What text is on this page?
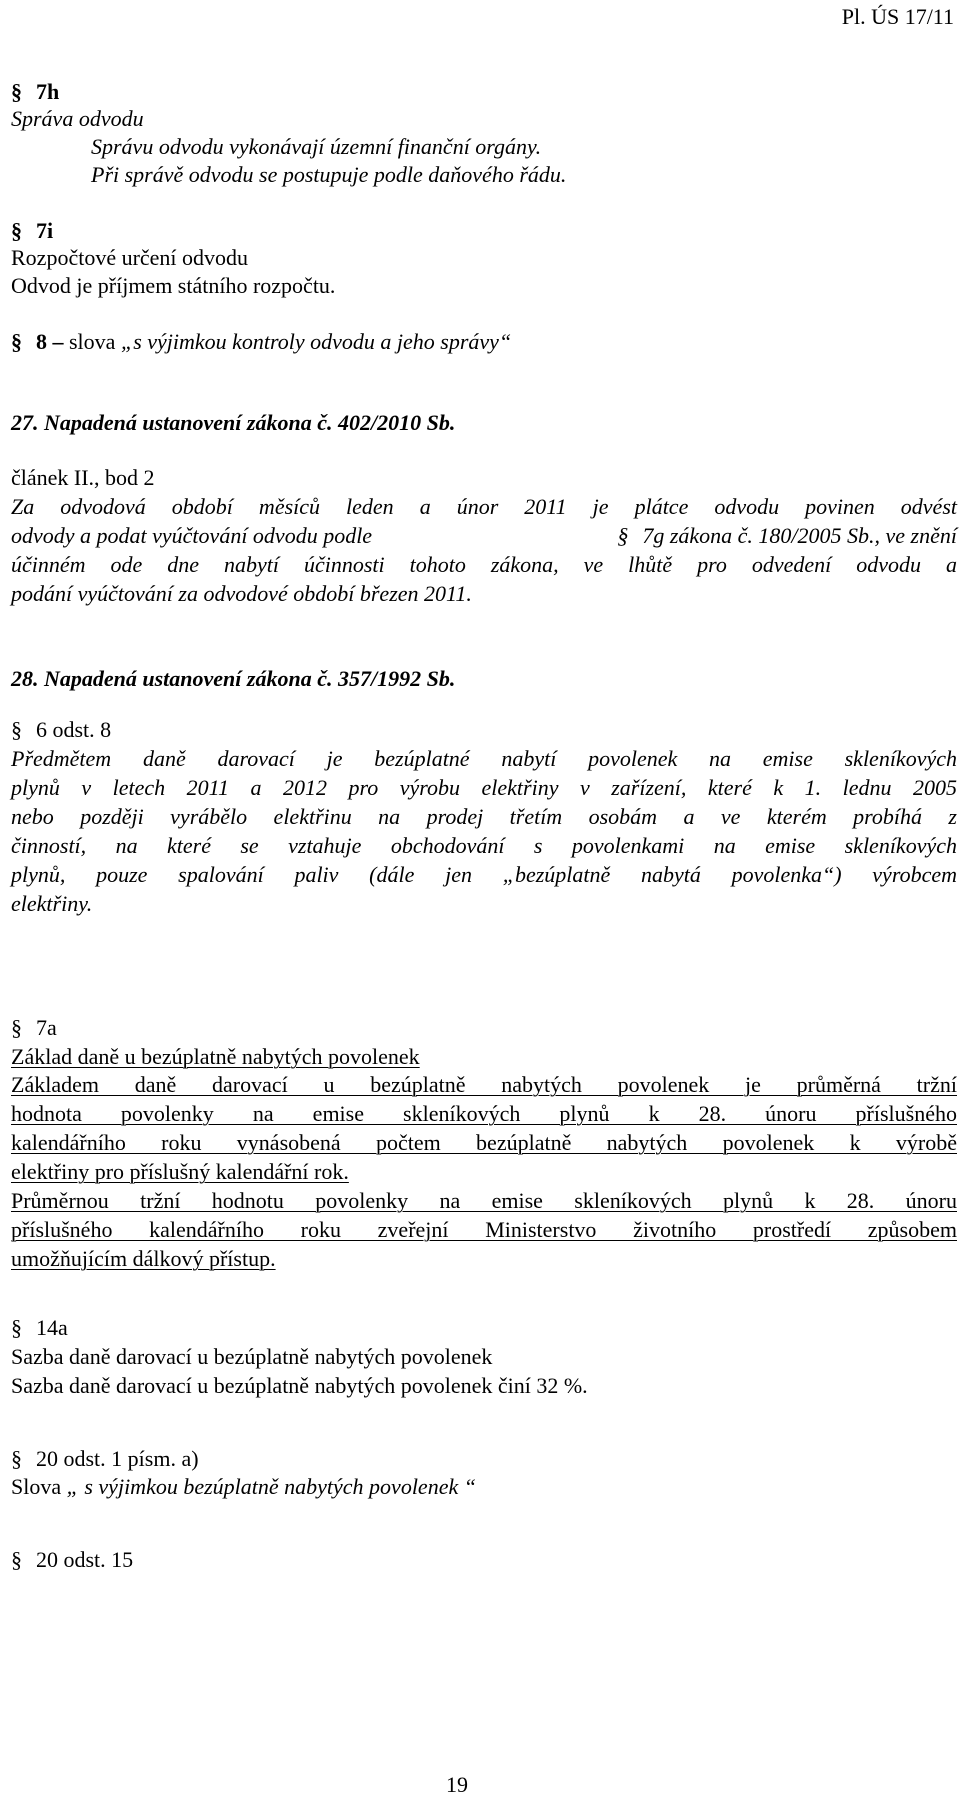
Pl. ÚS 17/11
§ 7h
Správa odvodu
Správu odvodu vykonávají územní finanční orgány.
Při správě odvodu se postupuje podle daňového řádu.
§ 7i
Rozpočtové určení odvodu
Odvod je příjmem státního rozpočtu.
§ 8 – slova „s výjimkou kontroly odvodu a jeho správy“
27. Napadená ustanovení zákona č. 402/2010 Sb.
článek II., bod 2
Za odvodová období měsíců leden a únor 2011 je plátce odvodu povinen odvést
odvody a podat vyúčtování odvodu podle	§ 7g zákona č. 180/2005 Sb., ve znění
účinném ode dne nabytí účinnosti tohoto zákona, ve lhůtě pro odvedení odvodu a
podání vyúčtování za odvodové období březen 2011.
28. Napadená ustanovení zákona č. 357/1992 Sb.
§ 6 odst. 8
Předmětem daně darovací je bezúplatné nabytí povolenek na emise skleníkových
plynů v letech 2011 a 2012 pro výrobu elektřiny v zařízení, které k 1. lednu 2005
nebo později vyrábělo elektřinu na prodej třetím osobám a ve kterém probíhá z
činností, na které se vztahuje obchodování s povolenkami na emise skleníkových
plynů, pouze spalování paliv (dále jen „bezúplatně nabytá povolenka“) výrobcem
elektřiny.
§ 7a
Základ daně u bezúplatně nabytých povolenek
Základem daně darovací u bezúplatně nabytých povolenek je průměrná tržní
hodnota povolenky na emise skleníkových plynů k 28. únoru příslušného
kalendářního roku vynásobená počtem bezúplatně nabytých povolenek k výrobě
elektřiny pro příslušný kalendářní rok.
Průměrnou tržní hodnotu povolenky na emise skleníkových plynů k 28. únoru
příslušného kalendářního roku zveřejní Ministerstvo životního prostředí způsobem
umožňujícím dálkový přístup.
§ 14a
Sazba daně darovací u bezúplatně nabytých povolenek
Sazba daně darovací u bezúplatně nabytých povolenek činí 32 %.
§ 20 odst. 1 písm. a)
Slova „ s výjimkou bezúplatně nabytých povolenek “
§ 20 odst. 15
19
